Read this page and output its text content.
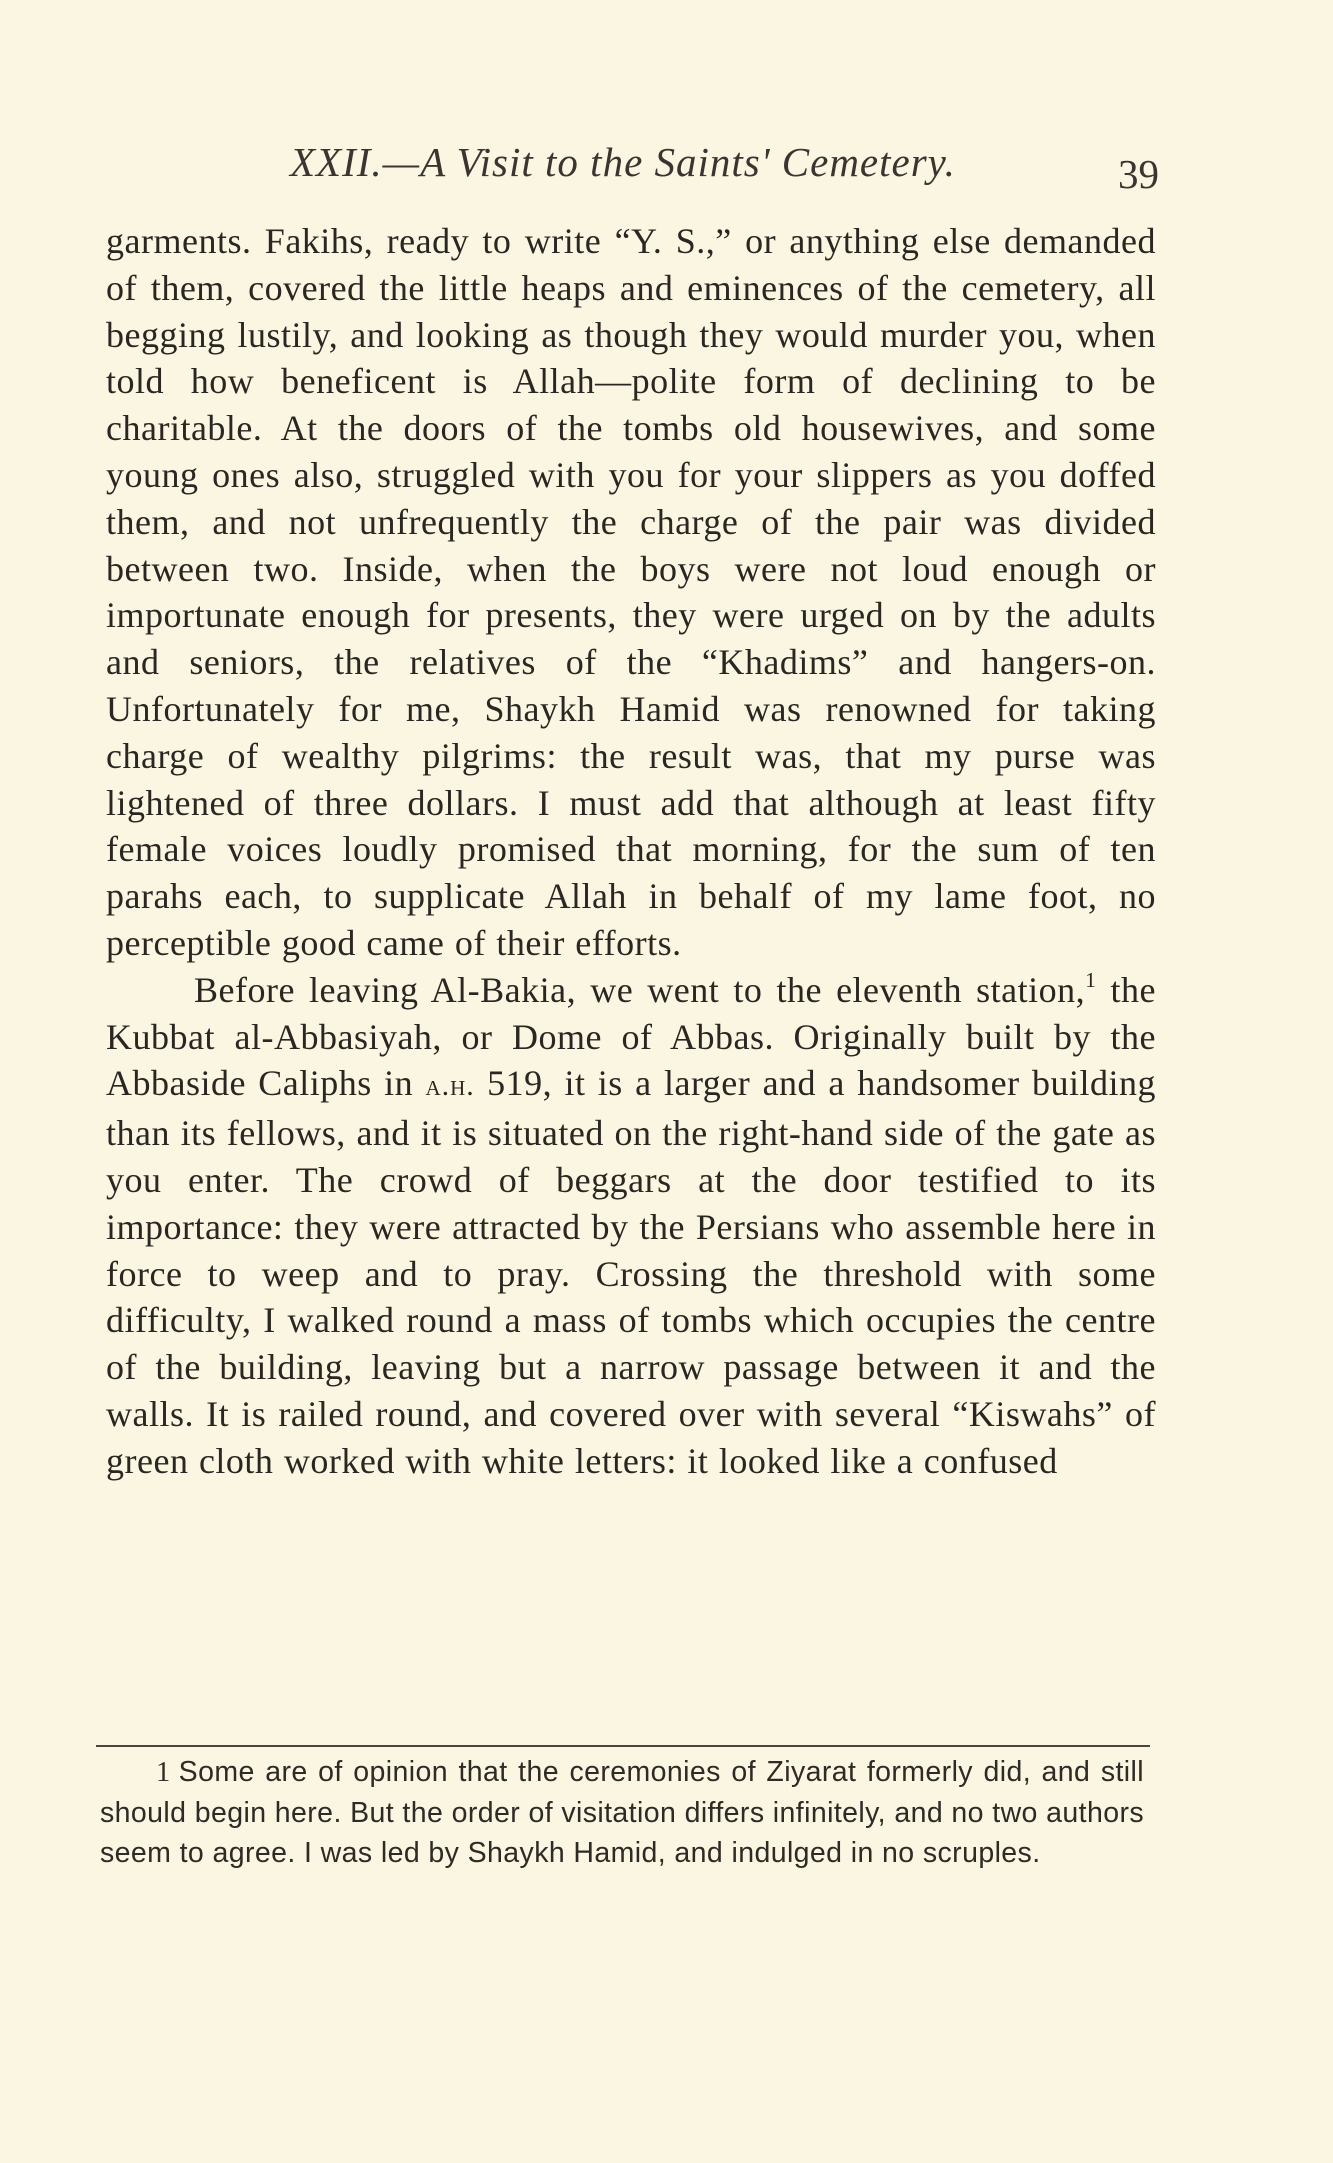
XXII.—A Visit to the Saints' Cemetery.	39

garments. Fakihs, ready to write “Y. S.,” or anything else demanded of them, covered the little heaps and eminences of the cemetery, all begging lustily, and looking as though they would murder you, when told how beneficent is Allah—polite form of declining to be charitable. At the doors of the tombs old housewives, and some young ones also, struggled with you for your slippers as you doffed them, and not unfrequently the charge of the pair was divided between two. Inside, when the boys were not loud enough or importunate enough for presents, they were urged on by the adults and seniors, the relatives of the “Khadims” and hangers-on. Unfortunately for me, Shaykh Hamid was renowned for taking charge of wealthy pilgrims: the result was, that my purse was lightened of three dollars. I must add that although at least fifty female voices loudly promised that morning, for the sum of ten parahs each, to supplicate Allah in behalf of my lame foot, no perceptible good came of their efforts.

Before leaving Al-Bakia, we went to the eleventh station,$^1$ the Kubbat al-Abbasiyah, or Dome of Abbas. Originally built by the Abbaside Caliphs in a.h. 519, it is a larger and a handsomer building than its fellows, and it is situated on the right-hand side of the gate as you enter. The crowd of beggars at the door testified to its importance: they were attracted by the Persians who assemble here in force to weep and to pray. Crossing the threshold with some difficulty, I walked round a mass of tombs which occupies the centre of the building, leaving but a narrow passage between it and the walls. It is railed round, and covered over with several “Kiswahs” of green cloth worked with white letters: it looked like a confused

1 Some are of opinion that the ceremonies of Ziyarat formerly did, and still should begin here. But the order of visitation differs infinitely, and no two authors seem to agree. I was led by Shaykh Hamid, and indulged in no scruples.
